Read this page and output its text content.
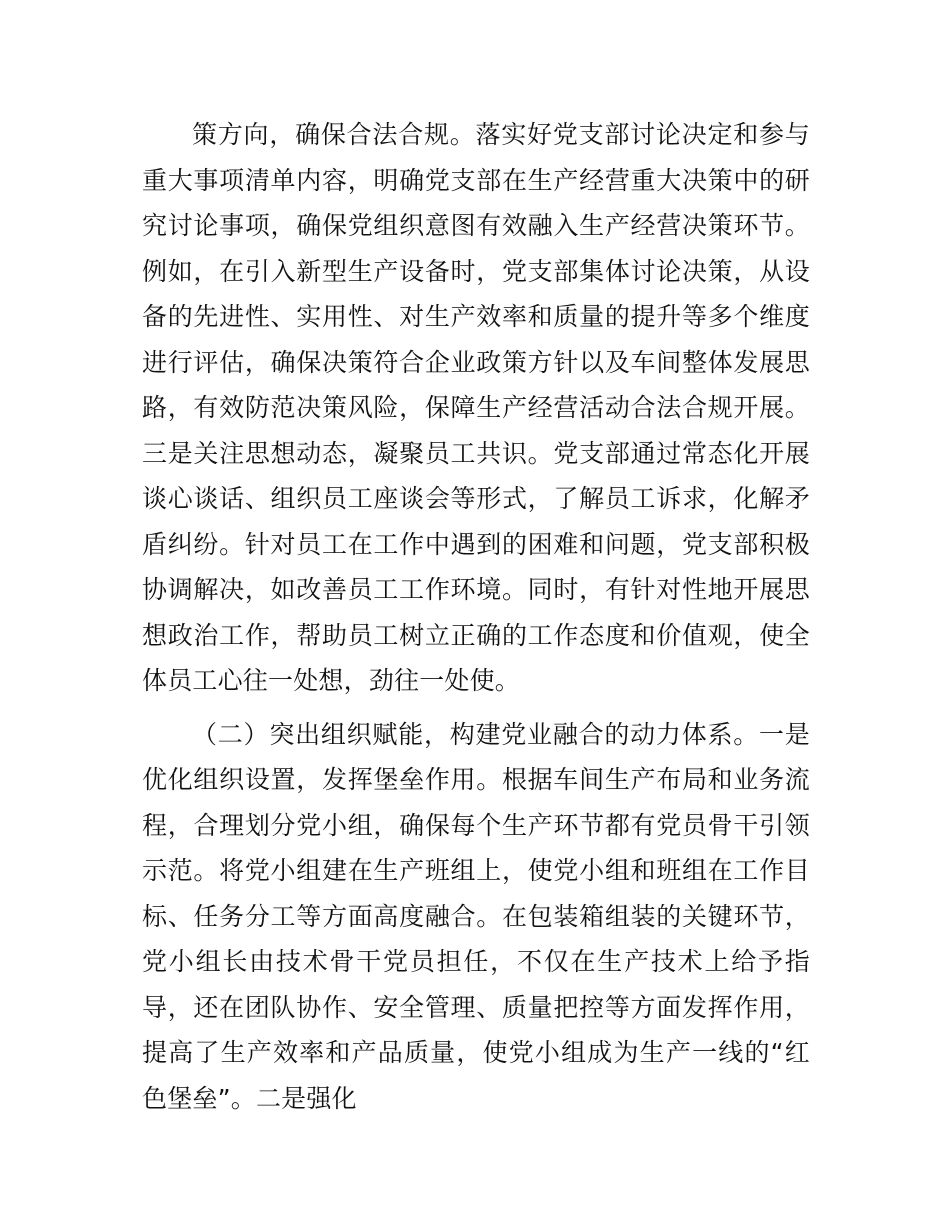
策方向，确保合法合规。落实好党支部讨论决定和参与重大事项清单内容，明确党支部在生产经营重大决策中的研究讨论事项，确保党组织意图有效融入生产经营决策环节。例如，在引入新型生产设备时，党支部集体讨论决策，从设备的先进性、实用性、对生产效率和质量的提升等多个维度进行评估，确保决策符合企业政策方针以及车间整体发展思路，有效防范决策风险，保障生产经营活动合法合规开展。三是关注思想动态，凝聚员工共识。党支部通过常态化开展谈心谈话、组织员工座谈会等形式，了解员工诉求，化解矛盾纠纷。针对员工在工作中遇到的困难和问题，党支部积极协调解决，如改善员工工作环境。同时，有针对性地开展思想政治工作，帮助员工树立正确的工作态度和价值观，使全体员工心往一处想，劲往一处使。

（二）突出组织赋能，构建党业融合的动力体系。一是优化组织设置，发挥堡垒作用。根据车间生产布局和业务流程，合理划分党小组，确保每个生产环节都有党员骨干引领示范。将党小组建在生产班组上，使党小组和班组在工作目标、任务分工等方面高度融合。在包装箱组装的关键环节，党小组长由技术骨干党员担任，不仅在生产技术上给予指导，还在团队协作、安全管理、质量把控等方面发挥作用，提高了生产效率和产品质量，使党小组成为生产一线的“红色堡垒”。二是强化
